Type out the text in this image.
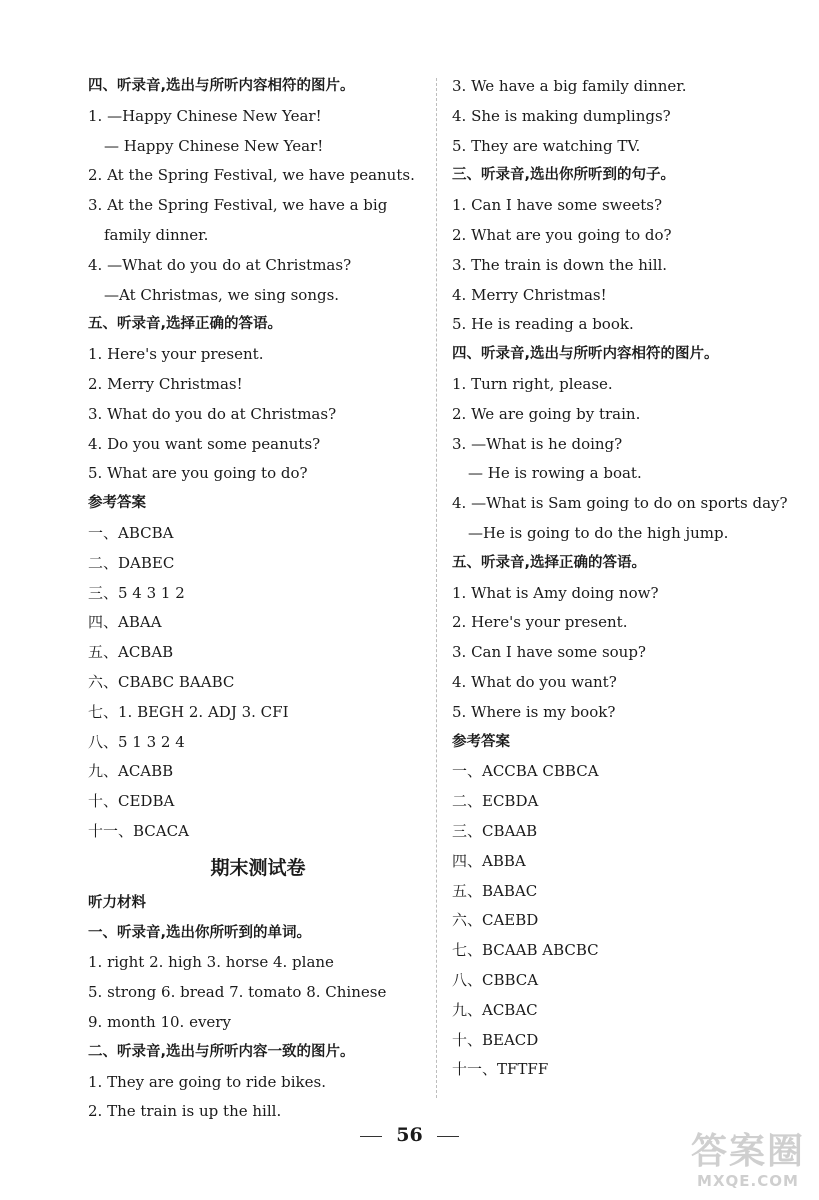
四、听录音,选出与所听内容相符的图片。
1. —Happy Chinese New Year!
— Happy Chinese New Year!
2. At the Spring Festival, we have peanuts.
3. At the Spring Festival, we have a big
family dinner.
4. —What do you do at Christmas?
—At Christmas, we sing songs.
五、听录音,选择正确的答语。
1. Here's your present.
2. Merry Christmas!
3. What do you do at Christmas?
4. Do you want some peanuts?
5. What are you going to do?
参考答案
一、ABCBA
二、DABEC
三、5 4 3 1 2
四、ABAA
五、ACBAB
六、CBABC BAABC
七、1. BEGH 2. ADJ 3. CFI
八、5 1 3 2 4
九、ACABB
十、CEDBA
十一、BCACA
期末测试卷
听力材料
一、听录音,选出你所听到的单词。
1. right 2. high 3. horse 4. plane
5. strong 6. bread 7. tomato 8. Chinese
9. month 10. every
二、听录音,选出与所听内容一致的图片。
1. They are going to ride bikes.
2. The train is up the hill.
3. We have a big family dinner.
4. She is making dumplings?
5. They are watching TV.
三、听录音,选出你所听到的句子。
1. Can I have some sweets?
2. What are you going to do?
3. The train is down the hill.
4. Merry Christmas!
5. He is reading a book.
四、听录音,选出与所听内容相符的图片。
1. Turn right, please.
2. We are going by train.
3. —What is he doing?
— He is rowing a boat.
4. —What is Sam going to do on sports day?
—He is going to do the high jump.
五、听录音,选择正确的答语。
1. What is Amy doing now?
2. Here's your present.
3. Can I have some soup?
4. What do you want?
5. Where is my book?
参考答案
一、ACCBA CBBCA
二、ECBDA
三、CBAAB
四、ABBA
五、BABAC
六、CAEBD
七、BCAAB ABCBC
八、CBBCA
九、ACBAC
十、BEACD
十一、TFTFF
56	答案圈
MXQE.COM
